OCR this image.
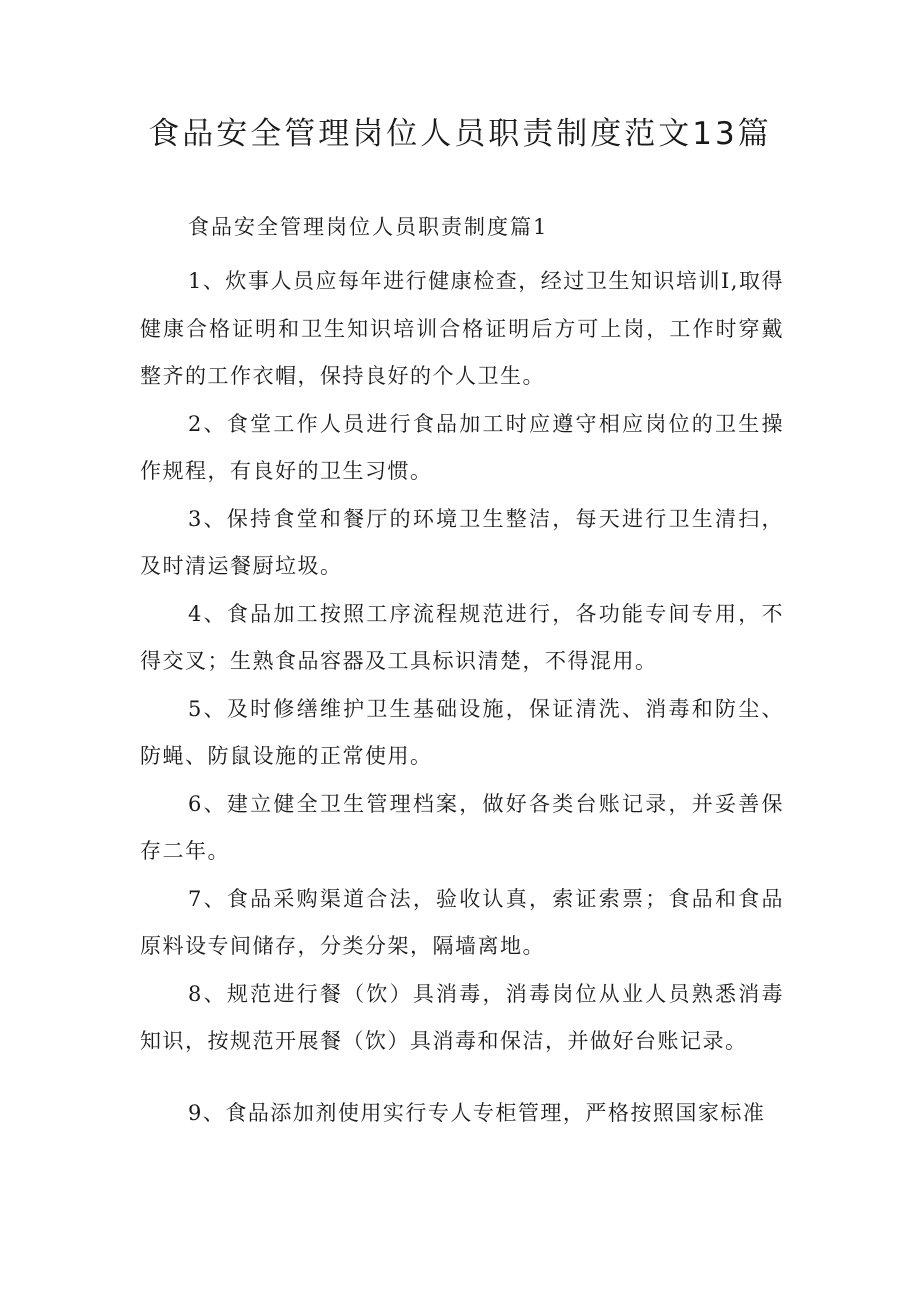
食品安全管理岗位人员职责制度范文13篇
食品安全管理岗位人员职责制度篇1

1、炊事人员应每年进行健康检查，经过卫生知识培训I,取得健康合格证明和卫生知识培训合格证明后方可上岗，工作时穿戴整齐的工作衣帽，保持良好的个人卫生。

2、食堂工作人员进行食品加工时应遵守相应岗位的卫生操作规程，有良好的卫生习惯。

3、保持食堂和餐厅的环境卫生整洁，每天进行卫生清扫，及时清运餐厨垃圾。

4、食品加工按照工序流程规范进行，各功能专间专用，不得交叉；生熟食品容器及工具标识清楚，不得混用。

5、及时修缮维护卫生基础设施，保证清洗、消毒和防尘、防蝇、防鼠设施的正常使用。

6、建立健全卫生管理档案，做好各类台账记录，并妥善保存二年。

7、食品采购渠道合法，验收认真，索证索票；食品和食品原料设专间储存，分类分架，隔墙离地。

8、规范进行餐（饮）具消毒，消毒岗位从业人员熟悉消毒知识，按规范开展餐（饮）具消毒和保洁，并做好台账记录。

9、食品添加剂使用实行专人专柜管理，严格按照国家标准
